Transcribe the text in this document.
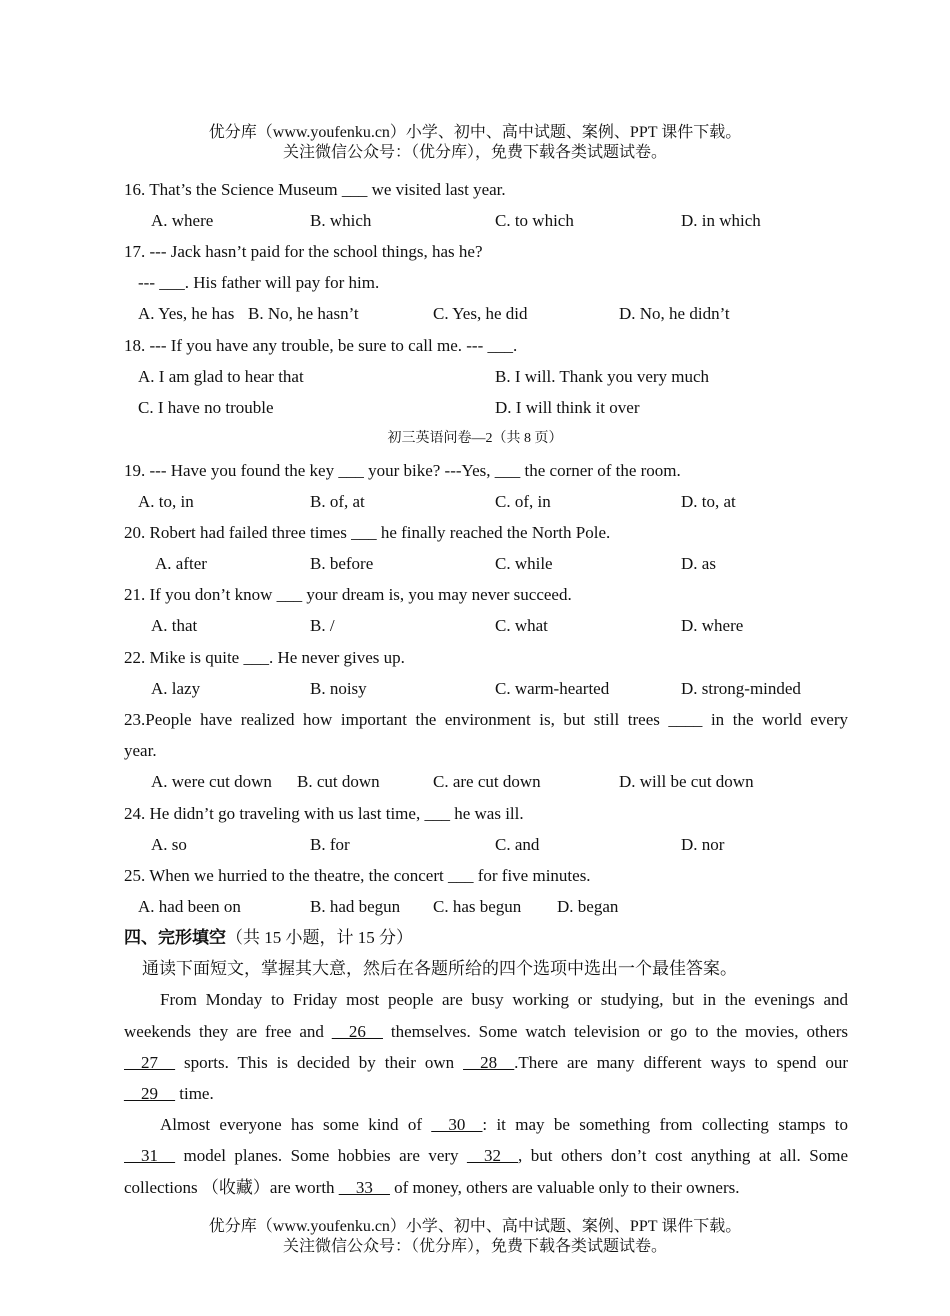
优分库（www.youfenku.cn）小学、初中、高中试题、案例、PPT 课件下载。
关注微信公众号：（优分库），免费下载各类试题试卷。
16. That’s the Science Museum ___ we visited last year.
A. where	B. which	C. to which	D. in which
17. --- Jack hasn’t paid for the school things, has he?
--- ___. His father will pay for him.
A. Yes, he has B. No, he hasn’t	C. Yes, he did	D. No, he didn’t
18. --- If you have any trouble, be sure to call me. --- ___.
A. I am glad to hear that	B. I will. Thank you very much
C. I have no trouble	D. I will think it over
初三英语问卷—2（共 8 页）
19. --- Have you found the key ___ your bike? ---Yes, ___ the corner of the room.
A. to, in	B. of, at	C. of, in	D. to, at
20. Robert had failed three times ___ he finally reached the North Pole.
A. after	B. before	C. while	D. as
21. If you don’t know ___ your dream is, you may never succeed.
A. that	B. /	C. what	D. where
22. Mike is quite ___. He never gives up.
A. lazy	B. noisy	C. warm-hearted	D. strong-minded
23.People have realized how important the environment is, but still trees ____ in the world every
year.
A. were cut down B. cut down	C. are cut down	D. will be cut down
24. He didn’t go traveling with us last time, ___ he was ill.
A. so	B. for	C. and	D. nor
25. When we hurried to the theatre, the concert ___ for five minutes.
A. had been on	B. had begun C. has begun D. began
四、完形填空（共 15 小题，计 15 分）
通读下面短文，掌握其大意，然后在各题所给的四个选项中选出一个最佳答案。
From Monday to Friday most people are busy working or studying, but in the evenings and
weekends they are free and __26__ themselves. Some watch television or go to the movies, others
__27__ sports. This is decided by their own __28__.There are many different ways to spend our
__29__ time.
Almost everyone has some kind of __30__: it may be something from collecting stamps to
__31__ model planes. Some hobbies are very __32__, but others don’t cost anything at all. Some
collections （收藏）are worth __33__ of money, others are valuable only to their owners.
优分库（www.youfenku.cn）小学、初中、高中试题、案例、PPT 课件下载。
关注微信公众号：（优分库），免费下载各类试题试卷。
